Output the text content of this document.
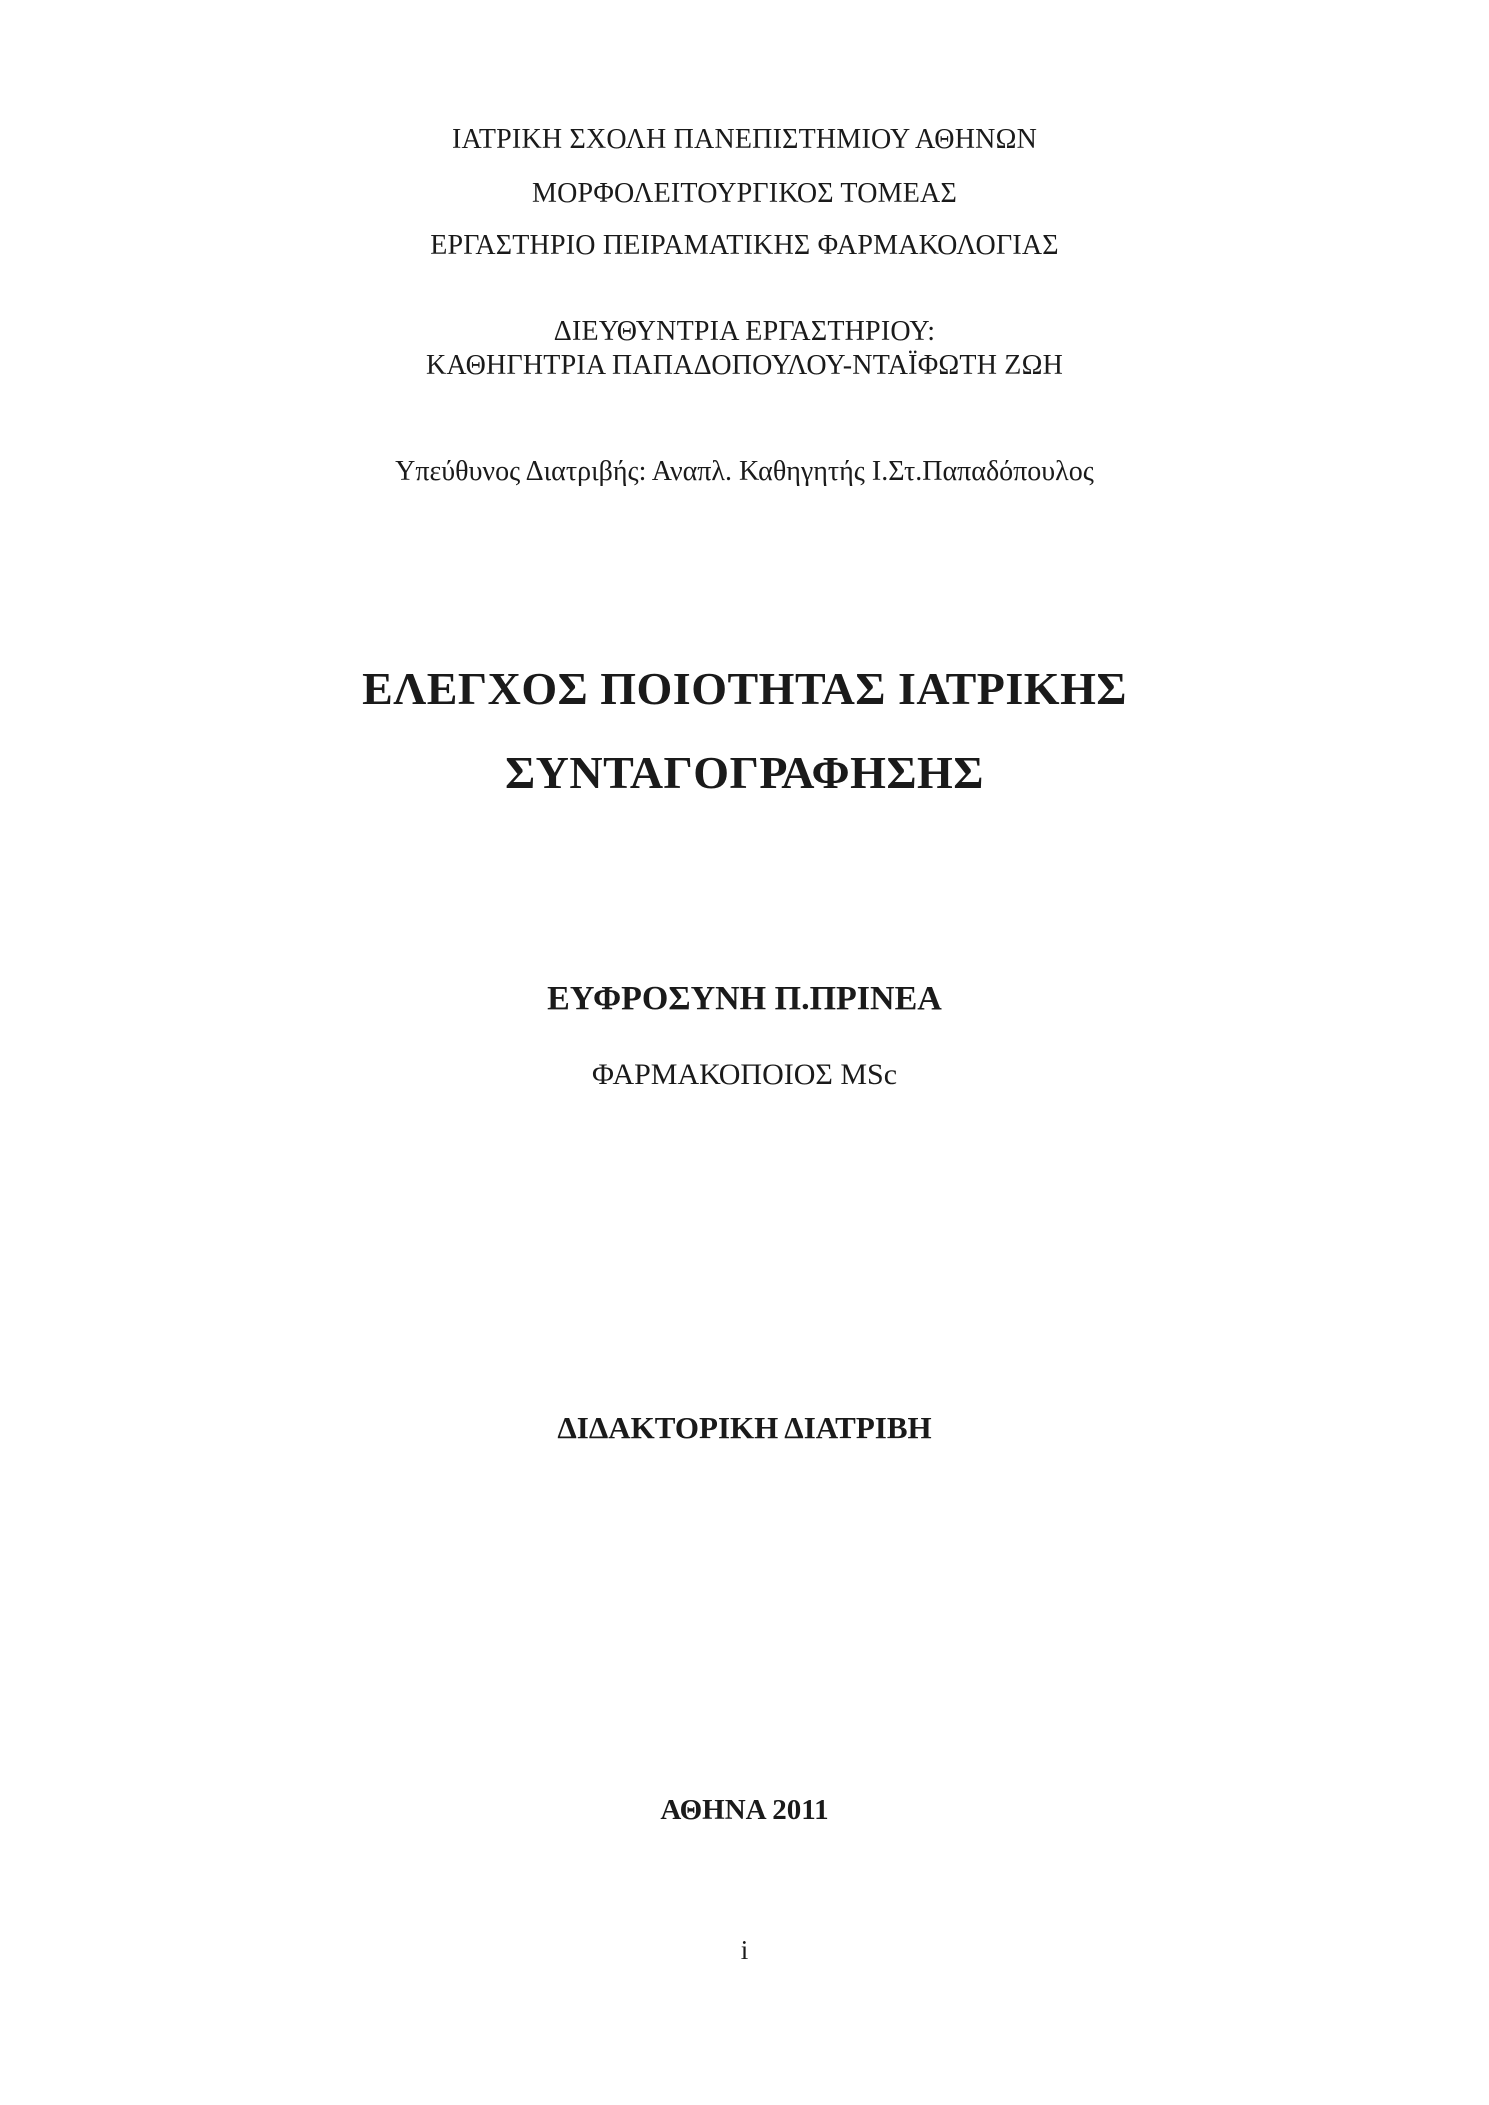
ΙΑΤΡΙΚΗ ΣΧΟΛΗ ΠΑΝΕΠΙΣΤΗΜΙΟΥ ΑΘΗΝΩΝ
ΜΟΡΦΟΛΕΙΤΟΥΡΓΙΚΟΣ ΤΟΜΕΑΣ
ΕΡΓΑΣΤΗΡΙΟ ΠΕΙΡΑΜΑΤΙΚΗΣ ΦΑΡΜΑΚΟΛΟΓΙΑΣ
ΔΙΕΥΘΥΝΤΡΙΑ ΕΡΓΑΣΤΗΡΙΟΥ:
ΚΑΘΗΓΗΤΡΙΑ ΠΑΠΑΔΟΠΟΥΛΟΥ-ΝΤΑΪΦΩΤΗ ΖΩΗ
Υπεύθυνος Διατριβής: Αναπλ. Καθηγητής Ι.Στ.Παπαδόπουλος
ΕΛΕΓΧΟΣ ΠΟΙΟΤΗΤΑΣ ΙΑΤΡΙΚΗΣ
ΣΥΝΤΑΓΟΓΡΑΦΗΣΗΣ
ΕΥΦΡΟΣΥΝΗ Π.ΠΡΙΝΕΑ
ΦΑΡΜΑΚΟΠΟΙΟΣ MSc
ΔΙΔΑΚΤΟΡΙΚΗ ΔΙΑΤΡΙΒΗ
ΑΘΗΝΑ 2011
i
